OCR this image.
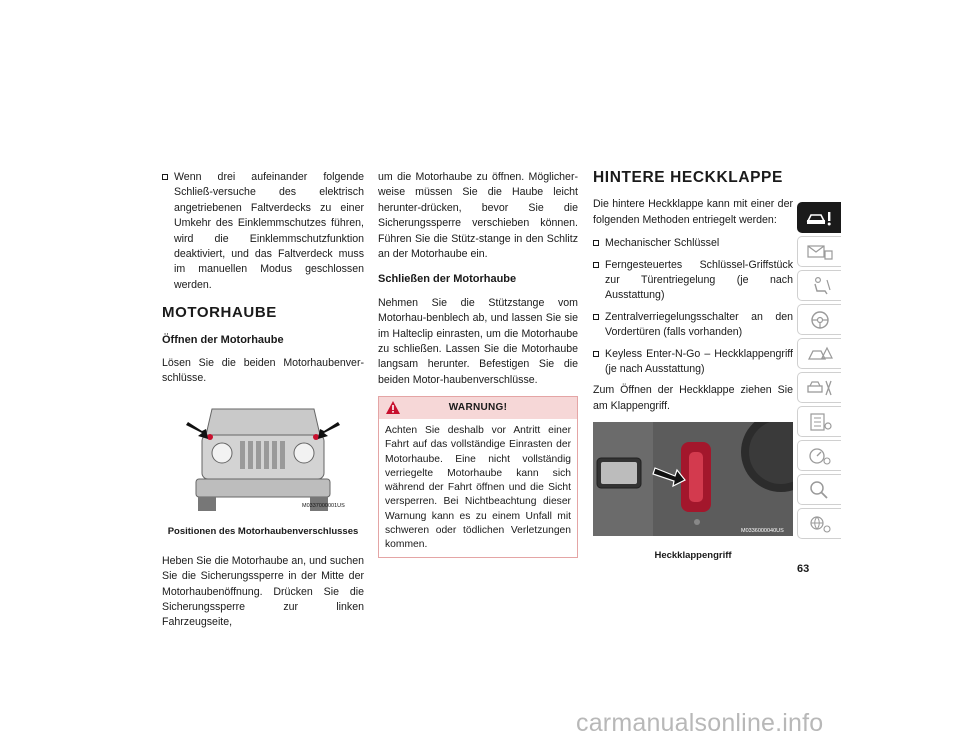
Wenn drei aufeinander folgende Schließ-versuche des elektrisch angetriebenen Faltverdecks zu einer Umkehr des Einklemmschutzes führen, wird die Einklemmschutzfunktion deaktiviert, und das Faltverdeck muss im manuellen Modus geschlossen werden.
MOTORHAUBE
Öffnen der Motorhaube

Lösen Sie die beiden Motorhaubenver-schlüsse.

M0337000001US
Positionen des Motorhaubenverschlusses

Heben Sie die Motorhaube an, und suchen Sie die Sicherungssperre in der Mitte der Motorhaubenöffnung. Drücken Sie die Sicherungssperre zur linken Fahrzeugseite,

um die Motorhaube zu öffnen. Möglicher-weise müssen Sie die Haube leicht herunter-drücken, bevor Sie die Sicherungssperre verschieben können. Führen Sie die Stütz-stange in den Schlitz an der Motorhaube ein.

Schließen der Motorhaube

Nehmen Sie die Stützstange vom Motorhau-benblech ab, und lassen Sie sie im Halteclip einrasten, um die Motorhaube zu schließen. Lassen Sie die Motorhaube langsam herunter. Befestigen Sie die beiden Motor-haubenverschlüsse.

WARNUNG!
Achten Sie deshalb vor Antritt einer Fahrt auf das vollständige Einrasten der Motorhaube. Eine nicht vollständig verriegelte Motorhaube kann sich während der Fahrt öffnen und die Sicht versperren. Bei Nichtbeachtung dieser Warnung kann es zu einem Unfall mit schweren oder tödlichen Verletzungen kommen.
HINTERE HECKKLAPPE

Die hintere Heckklappe kann mit einer der folgenden Methoden entriegelt werden:

Mechanischer Schlüssel
Ferngesteuertes Schlüssel-Griffstück zur Türentriegelung (je nach Ausstattung)
Zentralverriegelungsschalter an den Vordertüren (falls vorhanden)
Keyless Enter-N-Go – Heckklappengriff (je nach Ausstattung)

Zum Öffnen der Heckklappe ziehen Sie am Klappengriff.

M0336000040US
Heckklappengriff
63
carmanualsonline.info
